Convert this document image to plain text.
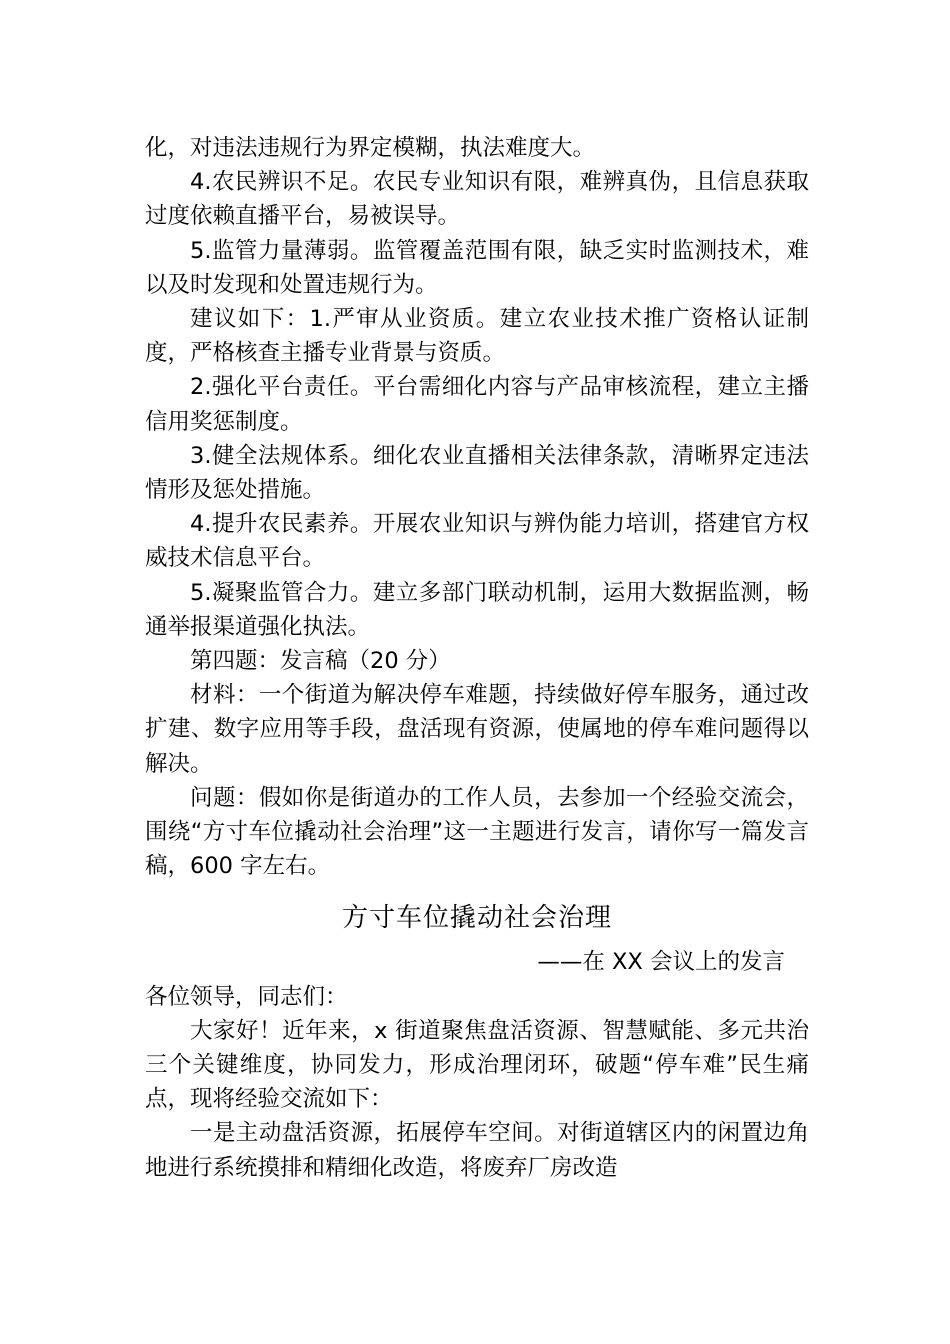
化，对违法违规行为界定模糊，执法难度大。

4.农民辨识不足。农民专业知识有限，难辨真伪，且信息获取过度依赖直播平台，易被误导。

5.监管力量薄弱。监管覆盖范围有限，缺乏实时监测技术，难以及时发现和处置违规行为。

建议如下：1.严审从业资质。建立农业技术推广资格认证制度，严格核查主播专业背景与资质。

2.强化平台责任。平台需细化内容与产品审核流程，建立主播信用奖惩制度。

3.健全法规体系。细化农业直播相关法律条款，清晰界定违法情形及惩处措施。

4.提升农民素养。开展农业知识与辨伪能力培训，搭建官方权威技术信息平台。

5.凝聚监管合力。建立多部门联动机制，运用大数据监测，畅通举报渠道强化执法。

第四题：发言稿（20 分）

材料：一个街道为解决停车难题，持续做好停车服务，通过改扩建、数字应用等手段，盘活现有资源，使属地的停车难问题得以解决。

问题：假如你是街道办的工作人员，去参加一个经验交流会，围绕“方寸车位撬动社会治理”这一主题进行发言，请你写一篇发言稿，600 字左右。

方寸车位撬动社会治理

——在 XX 会议上的发言

各位领导，同志们：

大家好！近年来，x 街道聚焦盘活资源、智慧赋能、多元共治三个关键维度，协同发力，形成治理闭环，破题“停车难”民生痛点，现将经验交流如下：

一是主动盘活资源，拓展停车空间。对街道辖区内的闲置边角地进行系统摸排和精细化改造，将废弃厂房改造
